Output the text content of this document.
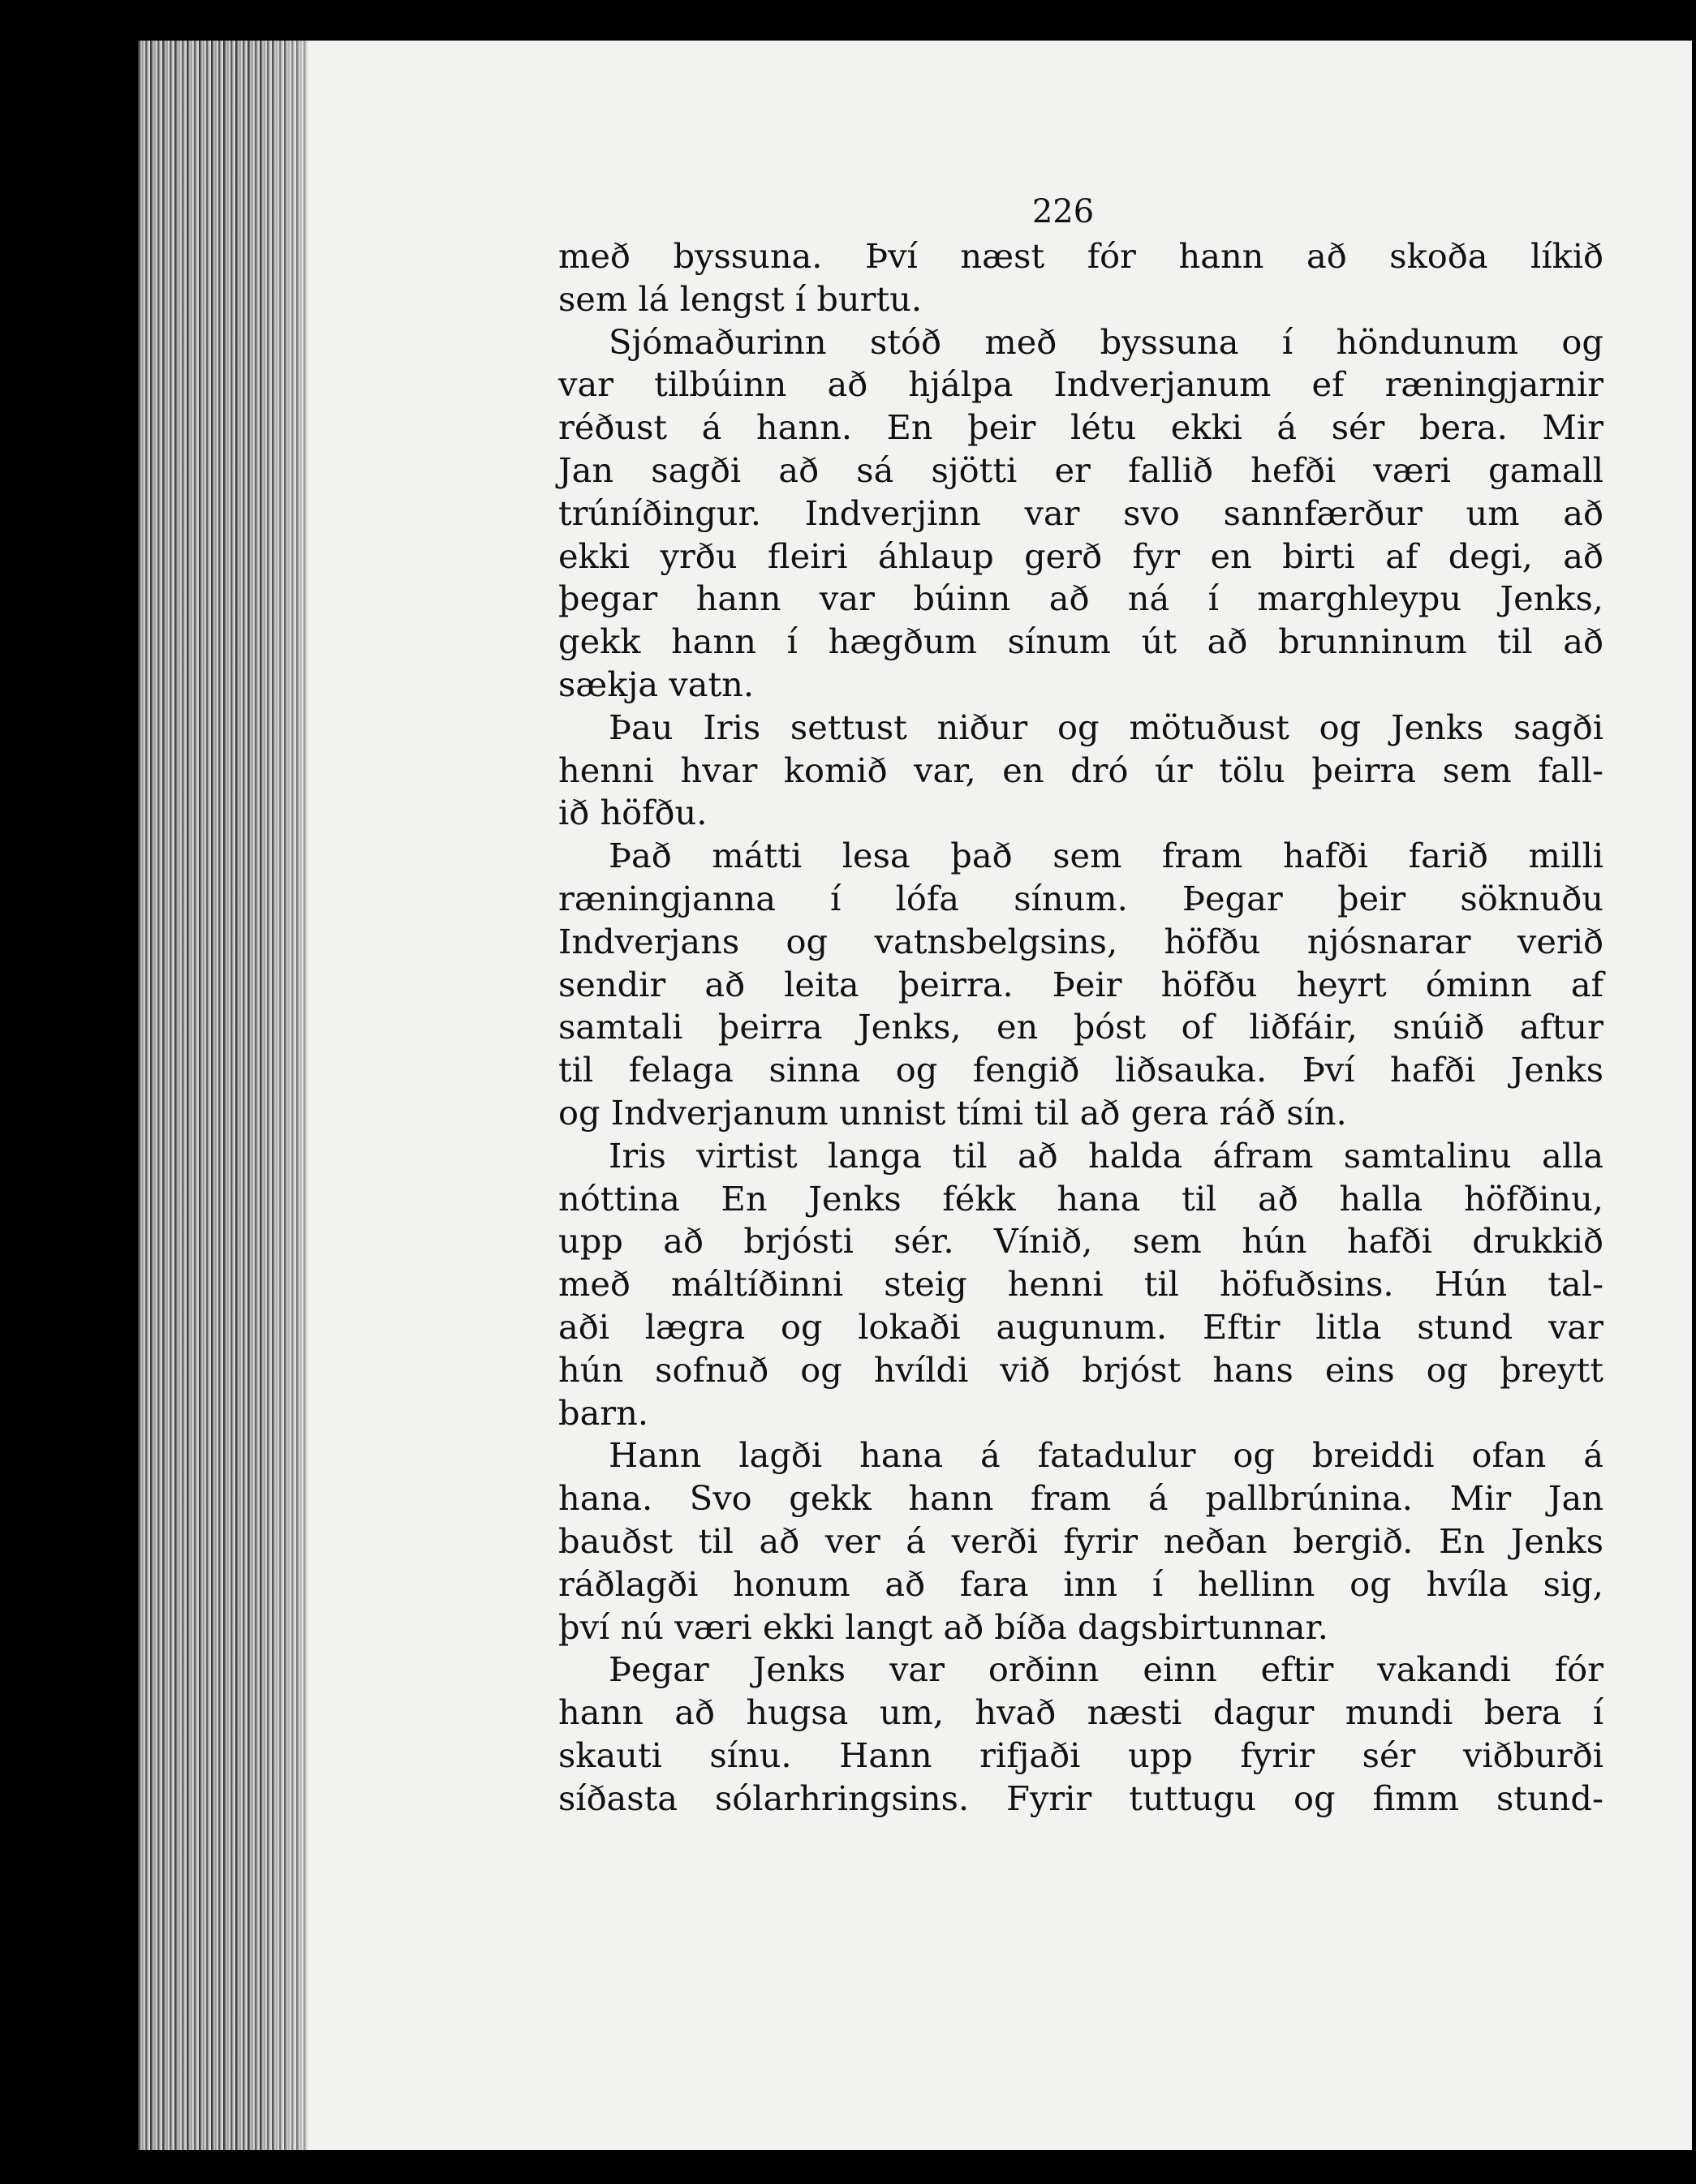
226
með byssuna. Því næst fór hann að skoða líkið
sem lá lengst í burtu.
Sjómaðurinn stóð með byssuna í höndunum og
var tilbúinn að hjálpa Indverjanum ef ræningjarnir
réðust á hann. En þeir létu ekki á sér bera. Mir
Jan sagði að sá sjötti er fallið hefði væri gamall
trúníðingur. Indverjinn var svo sannfærður um að
ekki yrðu fleiri áhlaup gerð fyr en birti af degi, að
þegar hann var búinn að ná í marghleypu Jenks,
gekk hann í hægðum sínum út að brunninum til að
sækja vatn.
Þau Iris settust niður og mötuðust og Jenks sagði
henni hvar komið var, en dró úr tölu þeirra sem fall-
ið höfðu.
Það mátti lesa það sem fram hafði farið milli
ræningjanna í lófa sínum. Þegar þeir söknuðu
Indverjans og vatnsbelgsins, höfðu njósnarar verið
sendir að leita þeirra. Þeir höfðu heyrt óminn af
samtali þeirra Jenks, en þóst of liðfáir, snúið aftur
til felaga sinna og fengið liðsauka. Því hafði Jenks
og Indverjanum unnist tími til að gera ráð sín.
Iris virtist langa til að halda áfram samtalinu alla
nóttina En Jenks fékk hana til að halla höfðinu,
upp að brjósti sér. Vínið, sem hún hafði drukkið
með máltíðinni steig henni til höfuðsins. Hún tal-
aði lægra og lokaði augunum. Eftir litla stund var
hún sofnuð og hvíldi við brjóst hans eins og þreytt
barn.
Hann lagði hana á fatadulur og breiddi ofan á
hana. Svo gekk hann fram á pallbrúnina. Mir Jan
bauðst til að ver á verði fyrir neðan bergið. En Jenks
ráðlagði honum að fara inn í hellinn og hvíla sig,
því nú væri ekki langt að bíða dagsbirtunnar.
Þegar Jenks var orðinn einn eftir vakandi fór
hann að hugsa um, hvað næsti dagur mundi bera í
skauti sínu. Hann rifjaði upp fyrir sér viðburði
síðasta sólarhringsins. Fyrir tuttugu og fimm stund-
